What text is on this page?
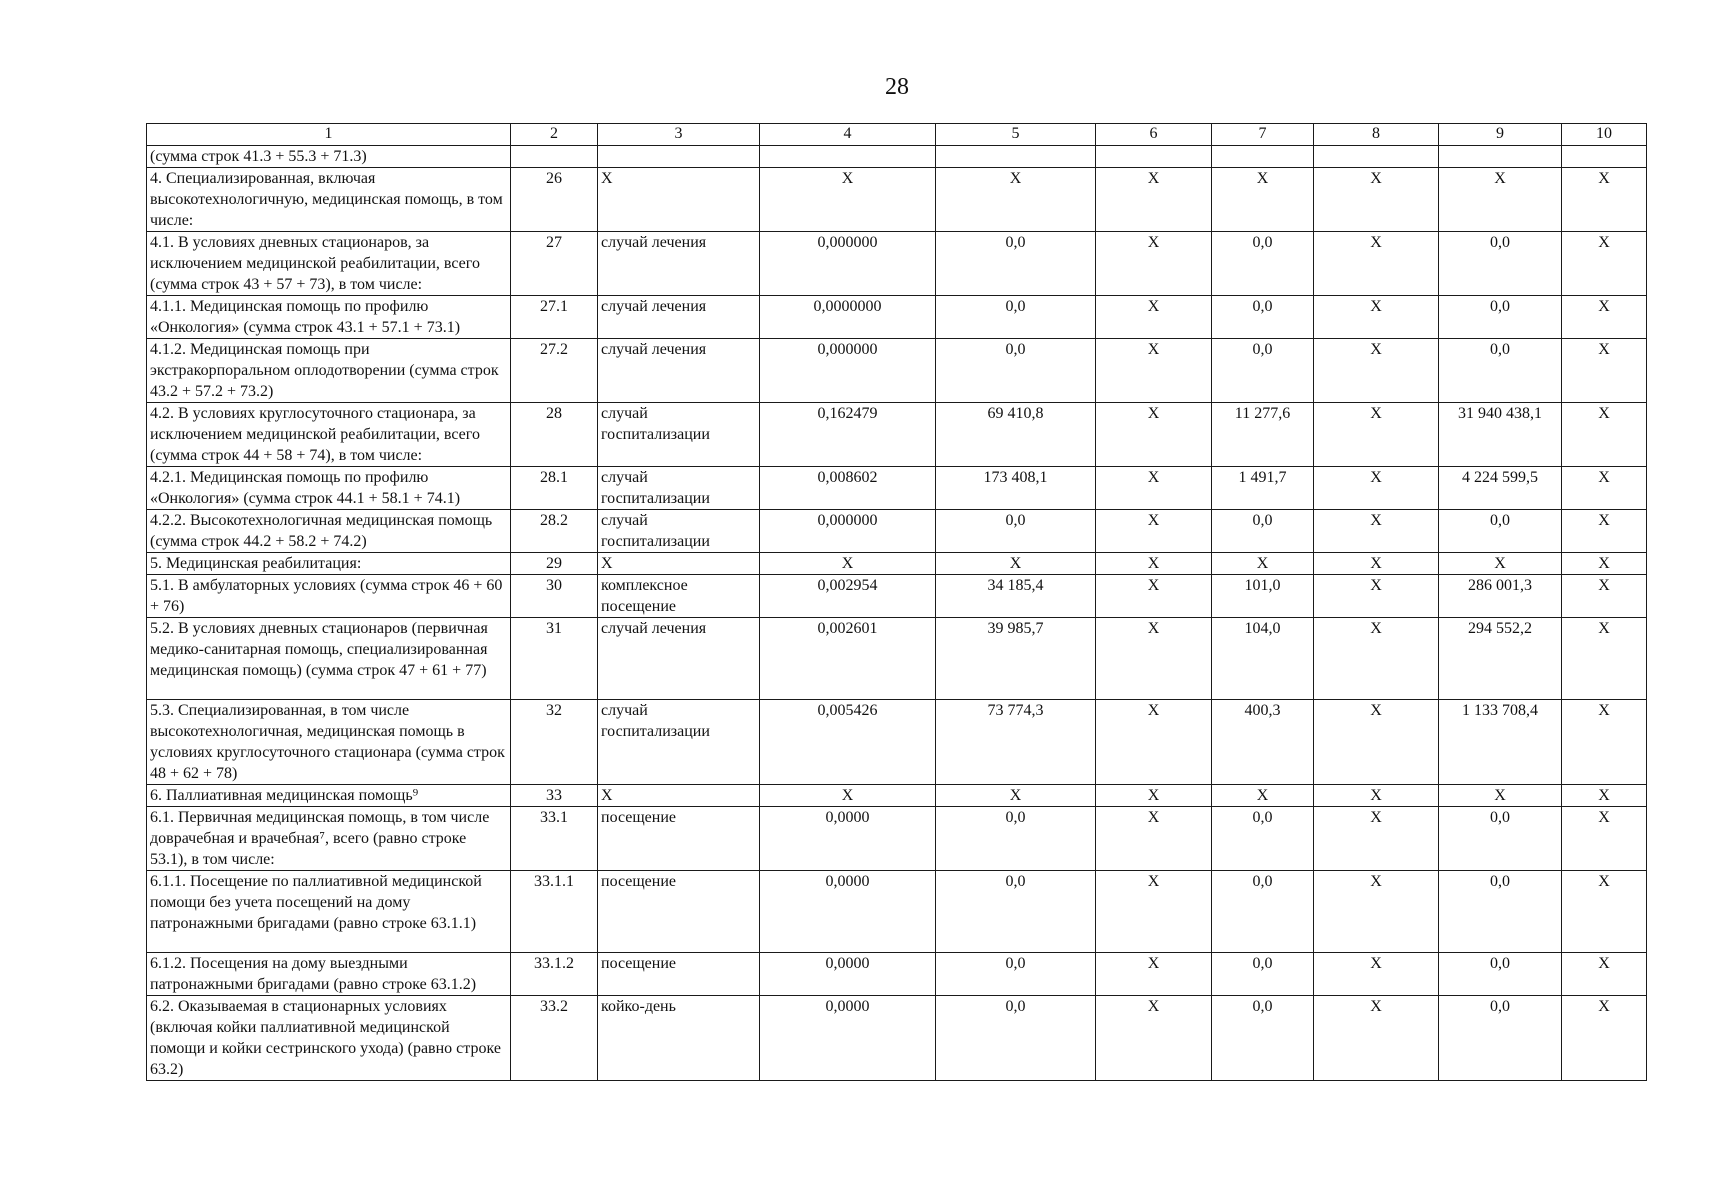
28
1	2	3	4	5	6	7	8	9	10
(сумма строк 41.3 + 55.3 + 71.3)									
4. Специализированная, включая высокотехнологичную, медицинская помощь, в том числе:	26	Х	Х	Х	Х	Х	Х	Х	Х
4.1. В условиях дневных стационаров, за исключением медицинской реабилитации, всего (сумма строк 43 + 57 + 73), в том числе:	27	случай лечения	0,000000	0,0	Х	0,0	Х	0,0	Х
4.1.1. Медицинская помощь по профилю «Онкология» (сумма строк 43.1 + 57.1 + 73.1)	27.1	случай лечения	0,0000000	0,0	Х	0,0	Х	0,0	Х
4.1.2. Медицинская помощь при экстракорпоральном оплодотворении (сумма строк 43.2 + 57.2 + 73.2)	27.2	случай лечения	0,000000	0,0	Х	0,0	Х	0,0	Х
4.2. В условиях круглосуточного стационара, за исключением медицинской реабилитации, всего (сумма строк 44 + 58 + 74), в том числе:	28	случай госпитализации	0,162479	69 410,8	Х	11 277,6	Х	31 940 438,1	Х
4.2.1. Медицинская помощь по профилю «Онкология» (сумма строк 44.1 + 58.1 + 74.1)	28.1	случай госпитализации	0,008602	173 408,1	Х	1 491,7	Х	4 224 599,5	Х
4.2.2. Высокотехнологичная медицинская помощь (сумма строк 44.2 + 58.2 + 74.2)	28.2	случай госпитализации	0,000000	0,0	Х	0,0	Х	0,0	Х
5. Медицинская реабилитация:	29	Х	Х	Х	Х	Х	Х	Х	Х
5.1. В амбулаторных условиях (сумма строк 46 + 60 + 76)	30	комплексное посещение	0,002954	34 185,4	Х	101,0	Х	286 001,3	Х
5.2. В условиях дневных стационаров (первичная медико-санитарная помощь, специализированная медицинская помощь) (сумма строк 47 + 61 + 77)	31	случай лечения	0,002601	39 985,7	Х	104,0	Х	294 552,2	Х
5.3. Специализированная, в том числе высокотехнологичная, медицинская помощь в условиях круглосуточного стационара (сумма строк 48 + 62 + 78)	32	случай госпитализации	0,005426	73 774,3	Х	400,3	Х	1 133 708,4	Х
6. Паллиативная медицинская помощь⁹	33	Х	Х	Х	Х	Х	Х	Х	Х
6.1. Первичная медицинская помощь, в том числе доврачебная и врачебная⁷, всего (равно строке 53.1), в том числе:	33.1	посещение	0,0000	0,0	Х	0,0	Х	0,0	Х
6.1.1. Посещение по паллиативной медицинской помощи без учета посещений на дому патронажными бригадами (равно строке 63.1.1)	33.1.1	посещение	0,0000	0,0	Х	0,0	Х	0,0	Х
6.1.2. Посещения на дому выездными патронажными бригадами (равно строке 63.1.2)	33.1.2	посещение	0,0000	0,0	Х	0,0	Х	0,0	Х
6.2. Оказываемая в стационарных условиях (включая койки паллиативной медицинской помощи и койки сестринского ухода) (равно строке 63.2)	33.2	койко-день	0,0000	0,0	Х	0,0	Х	0,0	Х
